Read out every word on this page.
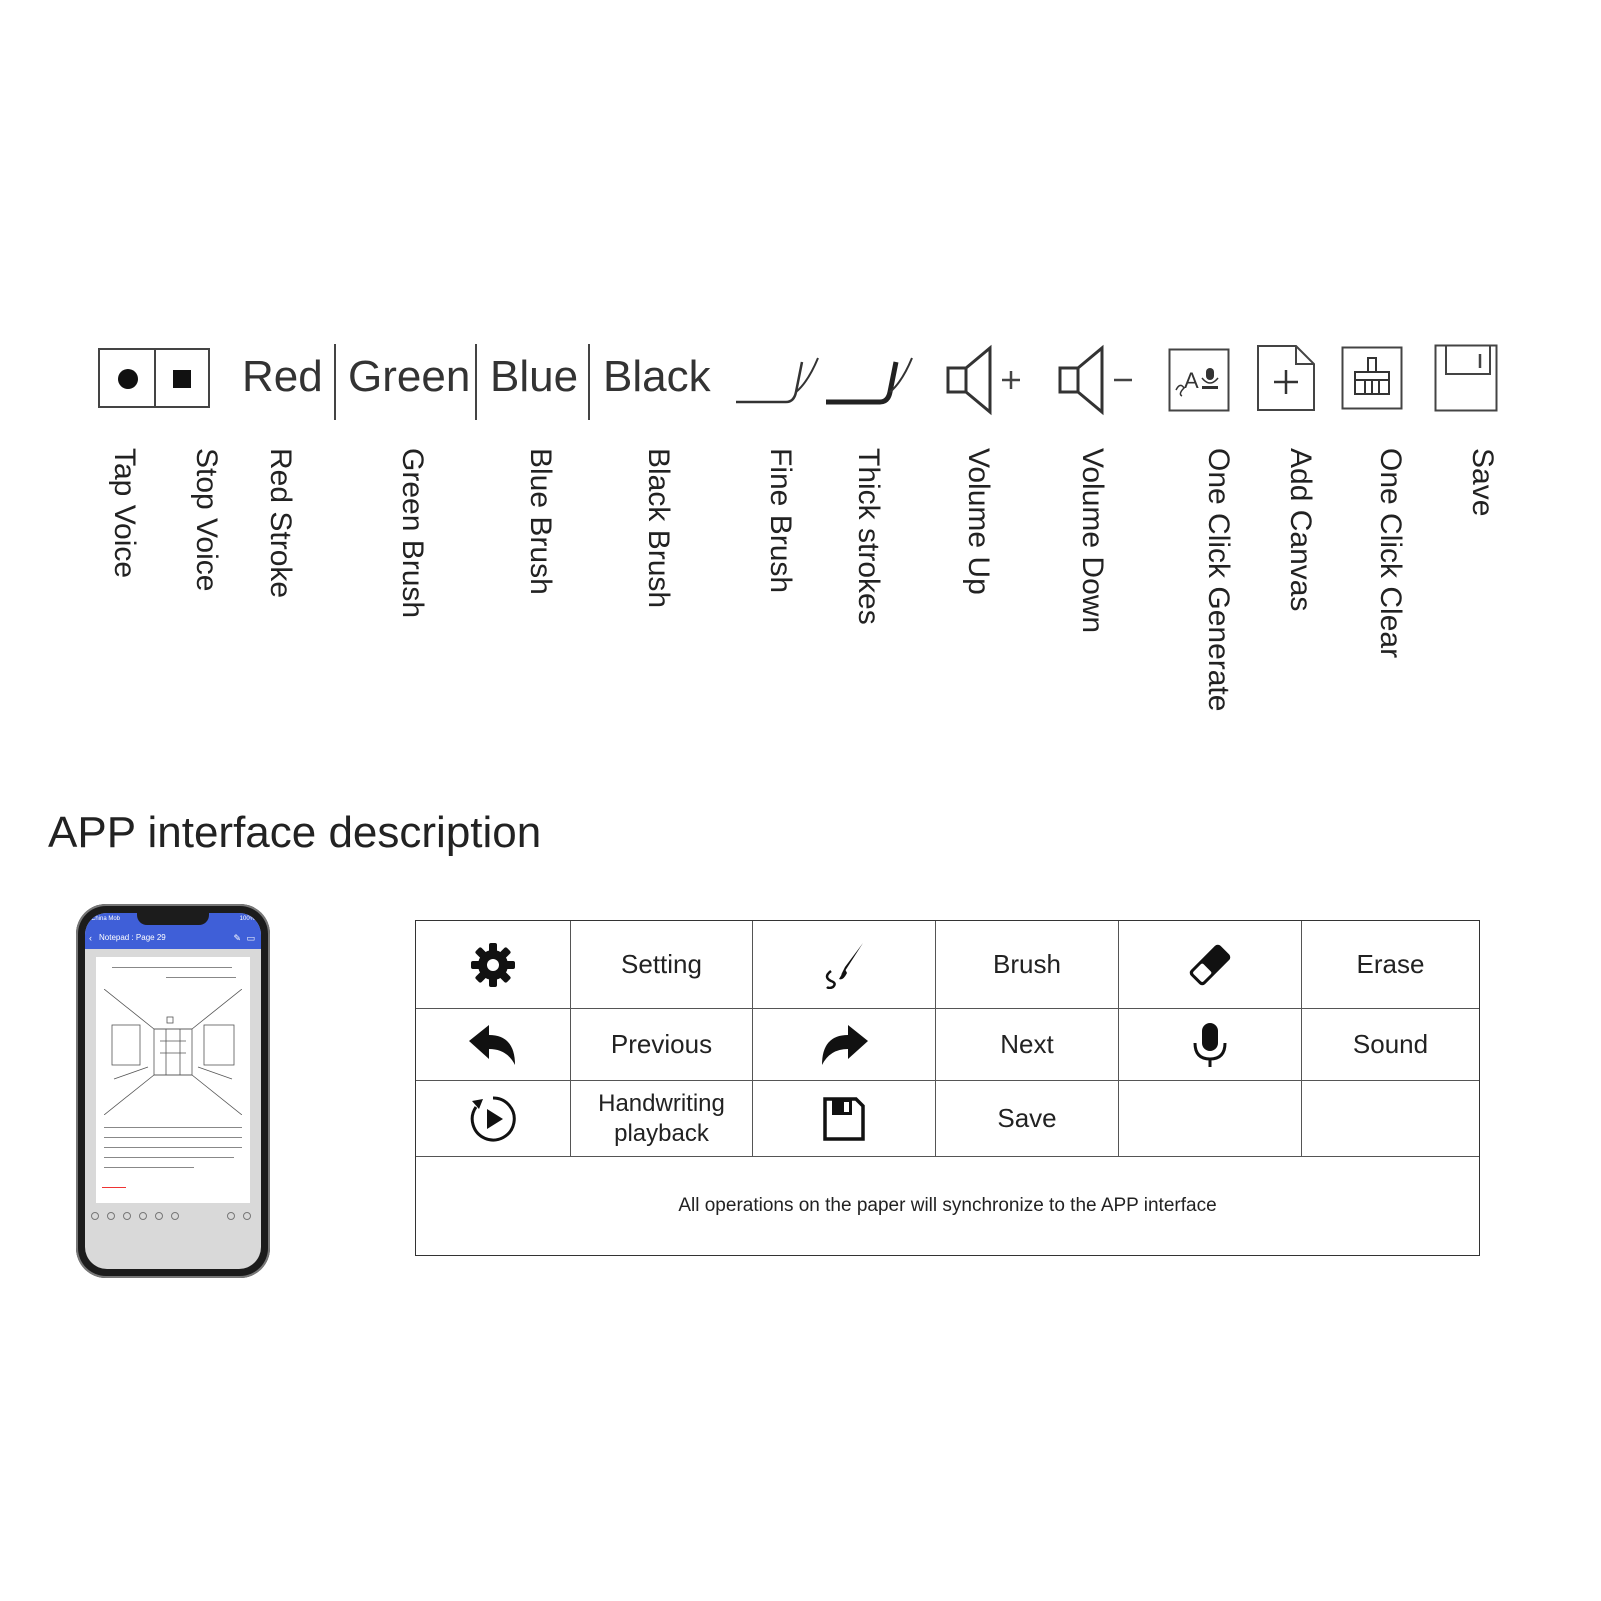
Red Green Blue Black	A
Tap Voice Stop Voice Red Stroke	Green Brush	Blue Brush	Black Brush	Fine Brush Thick strokes	Volume Up	Volume Down	One Click Generate Add Canvas One Click Clear Save
APP interface description
China Mob	100%
‹ Notepad : Page 29	✎ ▭
Setting	Brush	Erase
Previous	Next	Sound
Handwriting playback	Save
All operations on the paper will synchronize to the APP interface
